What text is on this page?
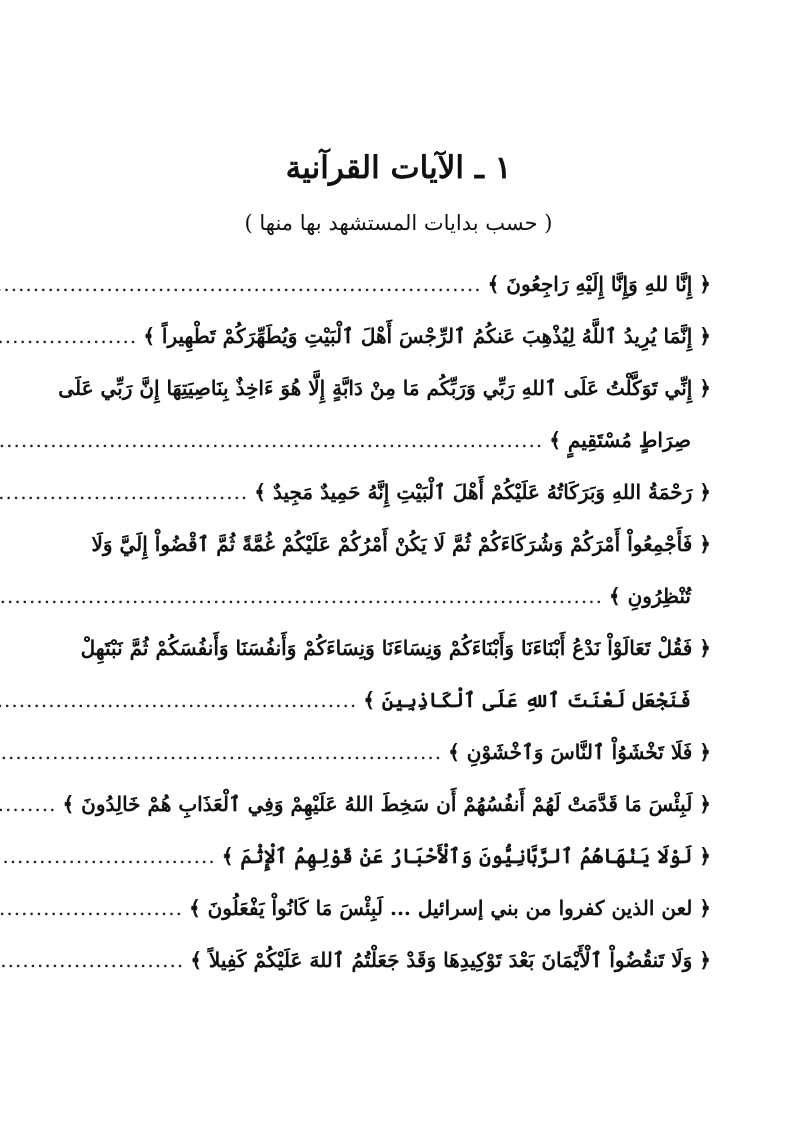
١ ـ الآيات القرآنية
( حسب بدايات المستشهد بها منها )
﴿ إِنَّا للهِ وَإِنَّا إِلَيْهِ رَاجِعُونَ ﴾
.....
﴿ إِنَّمَا يُرِيدُ ٱللَّهُ لِيُذْهِبَ عَنكُمُ ٱلرِّجْسَ أَهْلَ ٱلْبَيْتِ وَيُطَهِّرَكُمْ تَطْهِيراً ﴾
.....
﴿ إِنِّي تَوَكَّلْتُ عَلَى ٱللهِ رَبِّي وَرَبِّكُم مَا مِنْ دَابَّةٍ إِلَّا هُوَ ءَاخِذٌ بِنَاصِيَتِهَا إِنَّ رَبِّي عَلَى
صِرَاطٍ مُسْتَقِيمٍ ﴾
.....
﴿ رَحْمَةُ اللهِ وَبَرَكَاتُهُ عَلَيْكُمْ أَهْلَ ٱلْبَيْتِ إِنَّهُ حَمِيدٌ مَجِيدٌ ﴾
.....
﴿ فَأَجْمِعُواْ أَمْرَكُمْ وَشُرَكَاءَكُمْ ثُمَّ لَا يَكُنْ أَمْرُكُمْ عَلَيْكُمْ غُمَّةً ثُمَّ ٱقْضُواْ إِلَيَّ وَلَا
تُنْظِرُونِ ﴾
.....
﴿ فَقُلْ تَعَالَوْاْ نَدْعُ أَبْنَاءَنَا وَأَبْنَاءَكُمْ وَنِسَاءَنَا وَنِسَاءَكُمْ وَأَنفُسَنَا وَأَنفُسَكُمْ ثُمَّ نَبْتَهِلْ
فَنَجْعَل لَعْنَتَ ٱللهِ عَلَى ٱلْكَاذِبِينَ ﴾
.....
﴿ فَلَا تَخْشَوُاْ ٱلنَّاسَ وَٱخْشَوْنِ ﴾
.....
﴿ لَبِئْسَ مَا قَدَّمَتْ لَهُمْ أَنفُسُهُمْ أَن سَخِطَ اللهُ عَلَيْهِمْ وَفِي ٱلْعَذَابِ هُمْ خَالِدُونَ ﴾
.....
﴿ لَوْلَا يَنْهَاهُمُ ٱلرَّبَّانِيُّونَ وَٱلْأَحْبَارُ عَنْ قَوْلِهِمُ ٱلْإِثْمَ ﴾
.....
﴿ لعن الذين كفروا من بني إسرائيل ... لَبِئْسَ مَا كَانُواْ يَفْعَلُونَ ﴾
.....
﴿ وَلَا تَنقُضُواْ ٱلْأَيْمَانَ بَعْدَ تَوْكِيدِهَا وَقَدْ جَعَلْتُمُ ٱللهَ عَلَيْكُمْ كَفِيلاً ﴾
.....
